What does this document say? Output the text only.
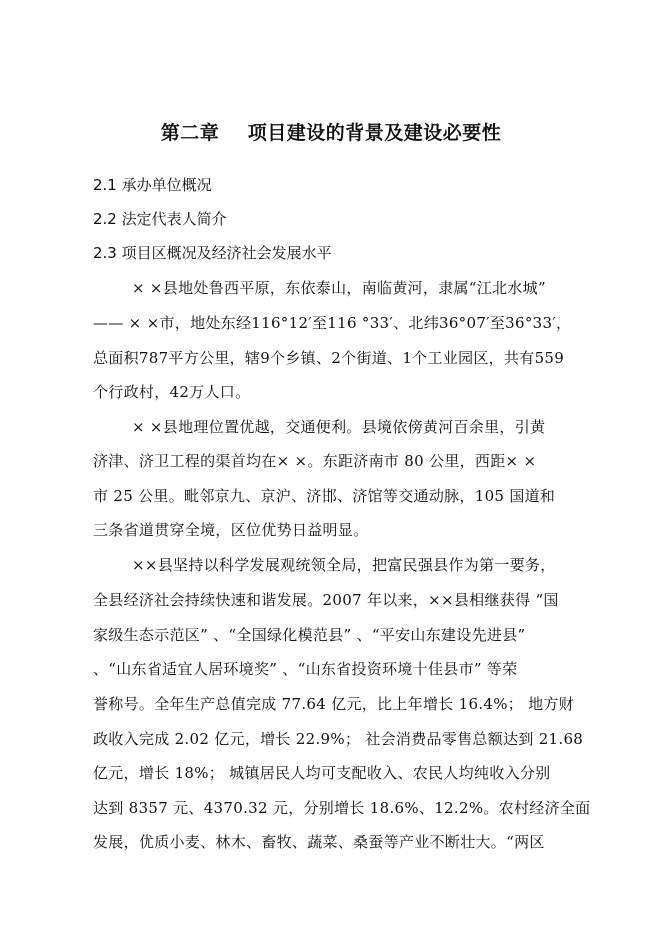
第二章    项目建设的背景及建设必要性
2.1 承办单位概况
2.2 法定代表人简介
2.3 项目区概况及经济社会发展水平
× ×县地处鲁西平原，东依泰山，南临黄河，隶属“江北水城”
—— × ×市，地处东经116°12′至116 °33′、北纬36°07′至36°33′，
总面积787平方公里，辖9个乡镇、2个街道、1个工业园区，共有559
个行政村，42万人口。
× ×县地理位置优越，交通便利。县境依傍黄河百余里，引黄
济津、济卫工程的渠首均在× ×。东距济南市 80 公里，西距× ×
市 25 公里。毗邻京九、京沪、济邯、济馆等交通动脉，105 国道和
三条省道贯穿全境，区位优势日益明显。
××县坚持以科学发展观统领全局，把富民强县作为第一要务，
全县经济社会持续快速和谐发展。2007 年以来，××县相继获得 “国
家级生态示范区” 、“全国绿化模范县” 、“平安山东建设先进县”
、“山东省适宜人居环境奖” 、“山东省投资环境十佳县市” 等荣
誉称号。全年生产总值完成 77.64 亿元，比上年增长 16.4%； 地方财
政收入完成 2.02 亿元，增长 22.9%； 社会消费品零售总额达到 21.68
亿元，增长 18%； 城镇居民人均可支配收入、农民人均纯收入分别
达到 8357 元、4370.32 元，分别增长 18.6%、12.2%。农村经济全面
发展，优质小麦、林木、畜牧、蔬菜、桑蚕等产业不断壮大。“两区
